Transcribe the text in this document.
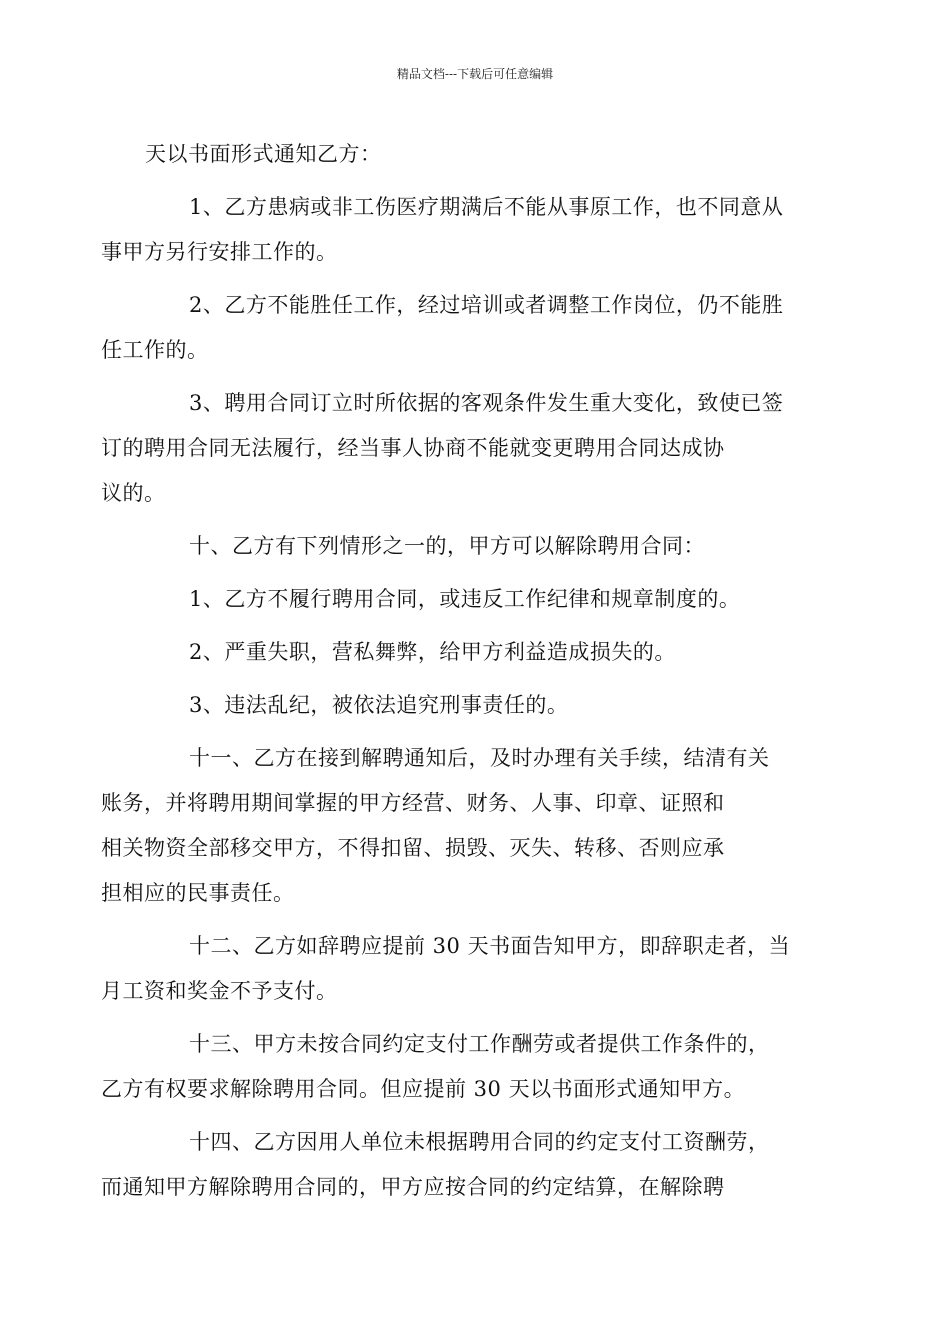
精品文档---下载后可任意编辑

天以书面形式通知乙方：

1、乙方患病或非工伤医疗期满后不能从事原工作，也不同意从
事甲方另行安排工作的。

2、乙方不能胜任工作，经过培训或者调整工作岗位，仍不能胜
任工作的。

3、聘用合同订立时所依据的客观条件发生重大变化，致使已签
订的聘用合同无法履行，经当事人协商不能就变更聘用合同达成协
议的。

十、乙方有下列情形之一的，甲方可以解除聘用合同：

1、乙方不履行聘用合同，或违反工作纪律和规章制度的。

2、严重失职，营私舞弊，给甲方利益造成损失的。

3、违法乱纪，被依法追究刑事责任的。

十一、乙方在接到解聘通知后，及时办理有关手续，结清有关
账务，并将聘用期间掌握的甲方经营、财务、人事、印章、证照和
相关物资全部移交甲方，不得扣留、损毁、灭失、转移、否则应承
担相应的民事责任。

十二、乙方如辞聘应提前 30 天书面告知甲方，即辞职走者，当
月工资和奖金不予支付。

十三、甲方未按合同约定支付工作酬劳或者提供工作条件的，
乙方有权要求解除聘用合同。但应提前 30 天以书面形式通知甲方。

十四、乙方因用人单位未根据聘用合同的约定支付工资酬劳，
而通知甲方解除聘用合同的，甲方应按合同的约定结算，在解除聘
